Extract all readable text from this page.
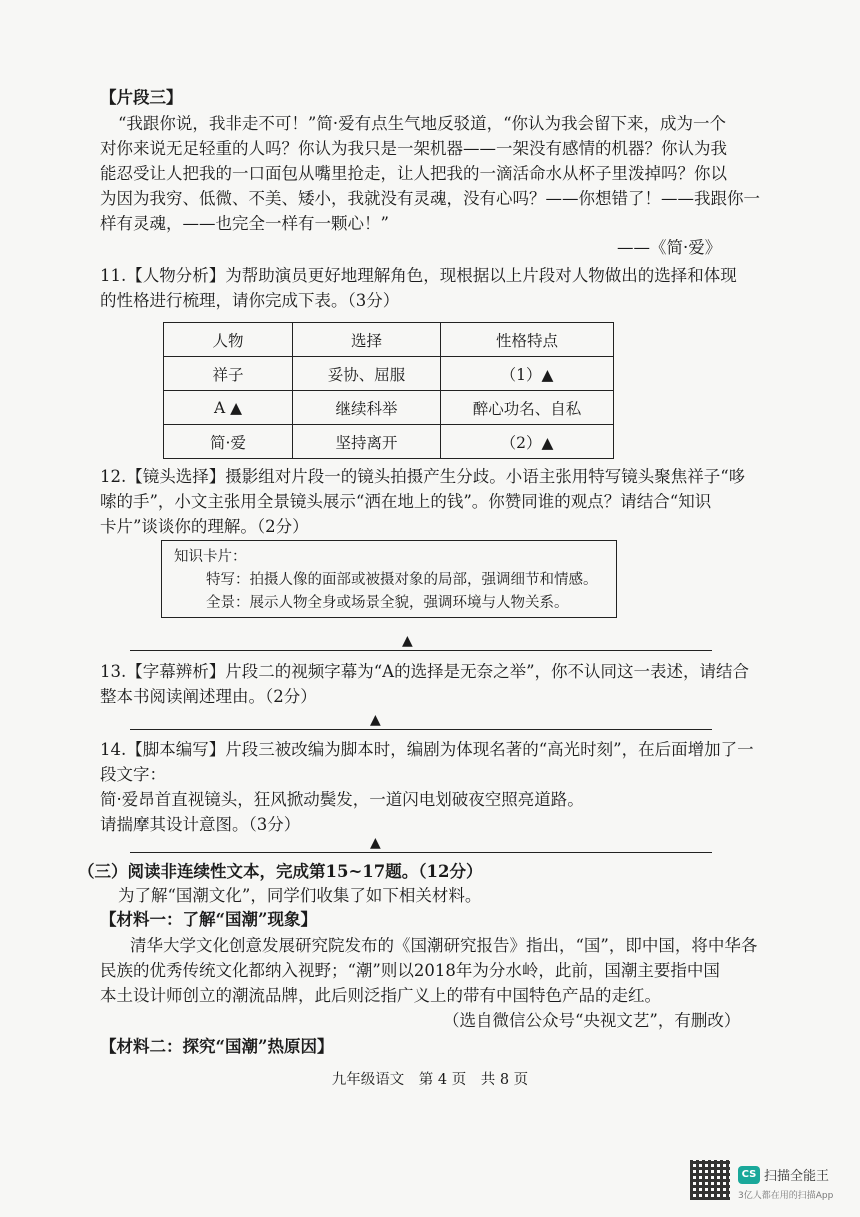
【片段三】
“我跟你说，我非走不可！”简·爱有点生气地反驳道，“你认为我会留下来，成为一个
对你来说无足轻重的人吗？你认为我只是一架机器——一架没有感情的机器？你认为我
能忍受让人把我的一口面包从嘴里抢走，让人把我的一滴活命水从杯子里泼掉吗？你以
为因为我穷、低微、不美、矮小，我就没有灵魂，没有心吗？——你想错了！——我跟你一
样有灵魂，——也完全一样有一颗心！”
——《简·爱》
11.【人物分析】为帮助演员更好地理解角色，现根据以上片段对人物做出的选择和体现
的性格进行梳理，请你完成下表。（3分）
人物	选择	性格特点
祥子	妥协、屈服	（1）▲
A ▲	继续科举	醉心功名、自私
简·爱	坚持离开	（2）▲
12.【镜头选择】摄影组对片段一的镜头拍摄产生分歧。小语主张用特写镜头聚焦祥子“哆
嗦的手”，小文主张用全景镜头展示“洒在地上的钱”。你赞同谁的观点？请结合“知识
卡片”谈谈你的理解。（2分）
知识卡片：
特写：拍摄人像的面部或被摄对象的局部，强调细节和情感。
全景：展示人物全身或场景全貌，强调环境与人物关系。
▲
13.【字幕辨析】片段二的视频字幕为“A的选择是无奈之举”，你不认同这一表述，请结合
整本书阅读阐述理由。（2分）
▲
14.【脚本编写】片段三被改编为脚本时，编剧为体现名著的“高光时刻”，在后面增加了一
段文字：
简·爱昂首直视镜头，狂风掀动鬓发，一道闪电划破夜空照亮道路。
请揣摩其设计意图。（3分）
▲
（三）阅读非连续性文本，完成第15~17题。（12分）
为了解“国潮文化”，同学们收集了如下相关材料。
【材料一：了解“国潮”现象】
清华大学文化创意发展研究院发布的《国潮研究报告》指出，“国”，即中国，将中华各
民族的优秀传统文化都纳入视野；“潮”则以2018年为分水岭，此前，国潮主要指中国
本土设计师创立的潮流品牌，此后则泛指广义上的带有中国特色产品的走红。
（选自微信公众号“央视文艺”，有删改）
【材料二：探究“国潮”热原因】
九年级语文　第 4 页　共 8 页
CS 扫描全能王
3亿人都在用的扫描App
